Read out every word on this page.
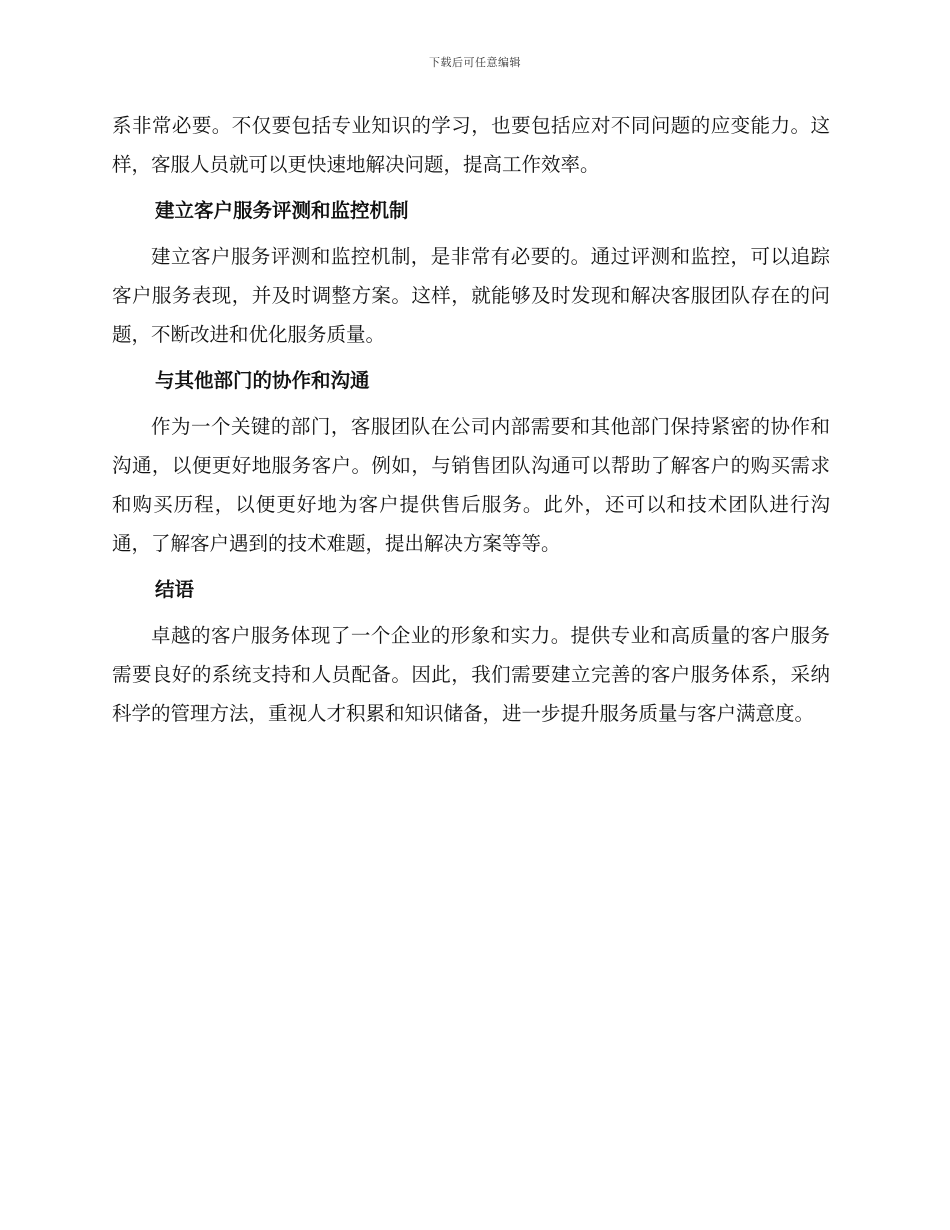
下载后可任意编辑

系非常必要。不仅要包括专业知识的学习，也要包括应对不同问题的应变能力。这样，客服人员就可以更快速地解决问题，提高工作效率。

建立客户服务评测和监控机制

建立客户服务评测和监控机制，是非常有必要的。通过评测和监控，可以追踪客户服务表现，并及时调整方案。这样，就能够及时发现和解决客服团队存在的问题，不断改进和优化服务质量。

与其他部门的协作和沟通

作为一个关键的部门，客服团队在公司内部需要和其他部门保持紧密的协作和沟通，以便更好地服务客户。例如，与销售团队沟通可以帮助了解客户的购买需求和购买历程，以便更好地为客户提供售后服务。此外，还可以和技术团队进行沟通，了解客户遇到的技术难题，提出解决方案等等。

结语

卓越的客户服务体现了一个企业的形象和实力。提供专业和高质量的客户服务需要良好的系统支持和人员配备。因此，我们需要建立完善的客户服务体系，采纳科学的管理方法，重视人才积累和知识储备，进一步提升服务质量与客户满意度。
